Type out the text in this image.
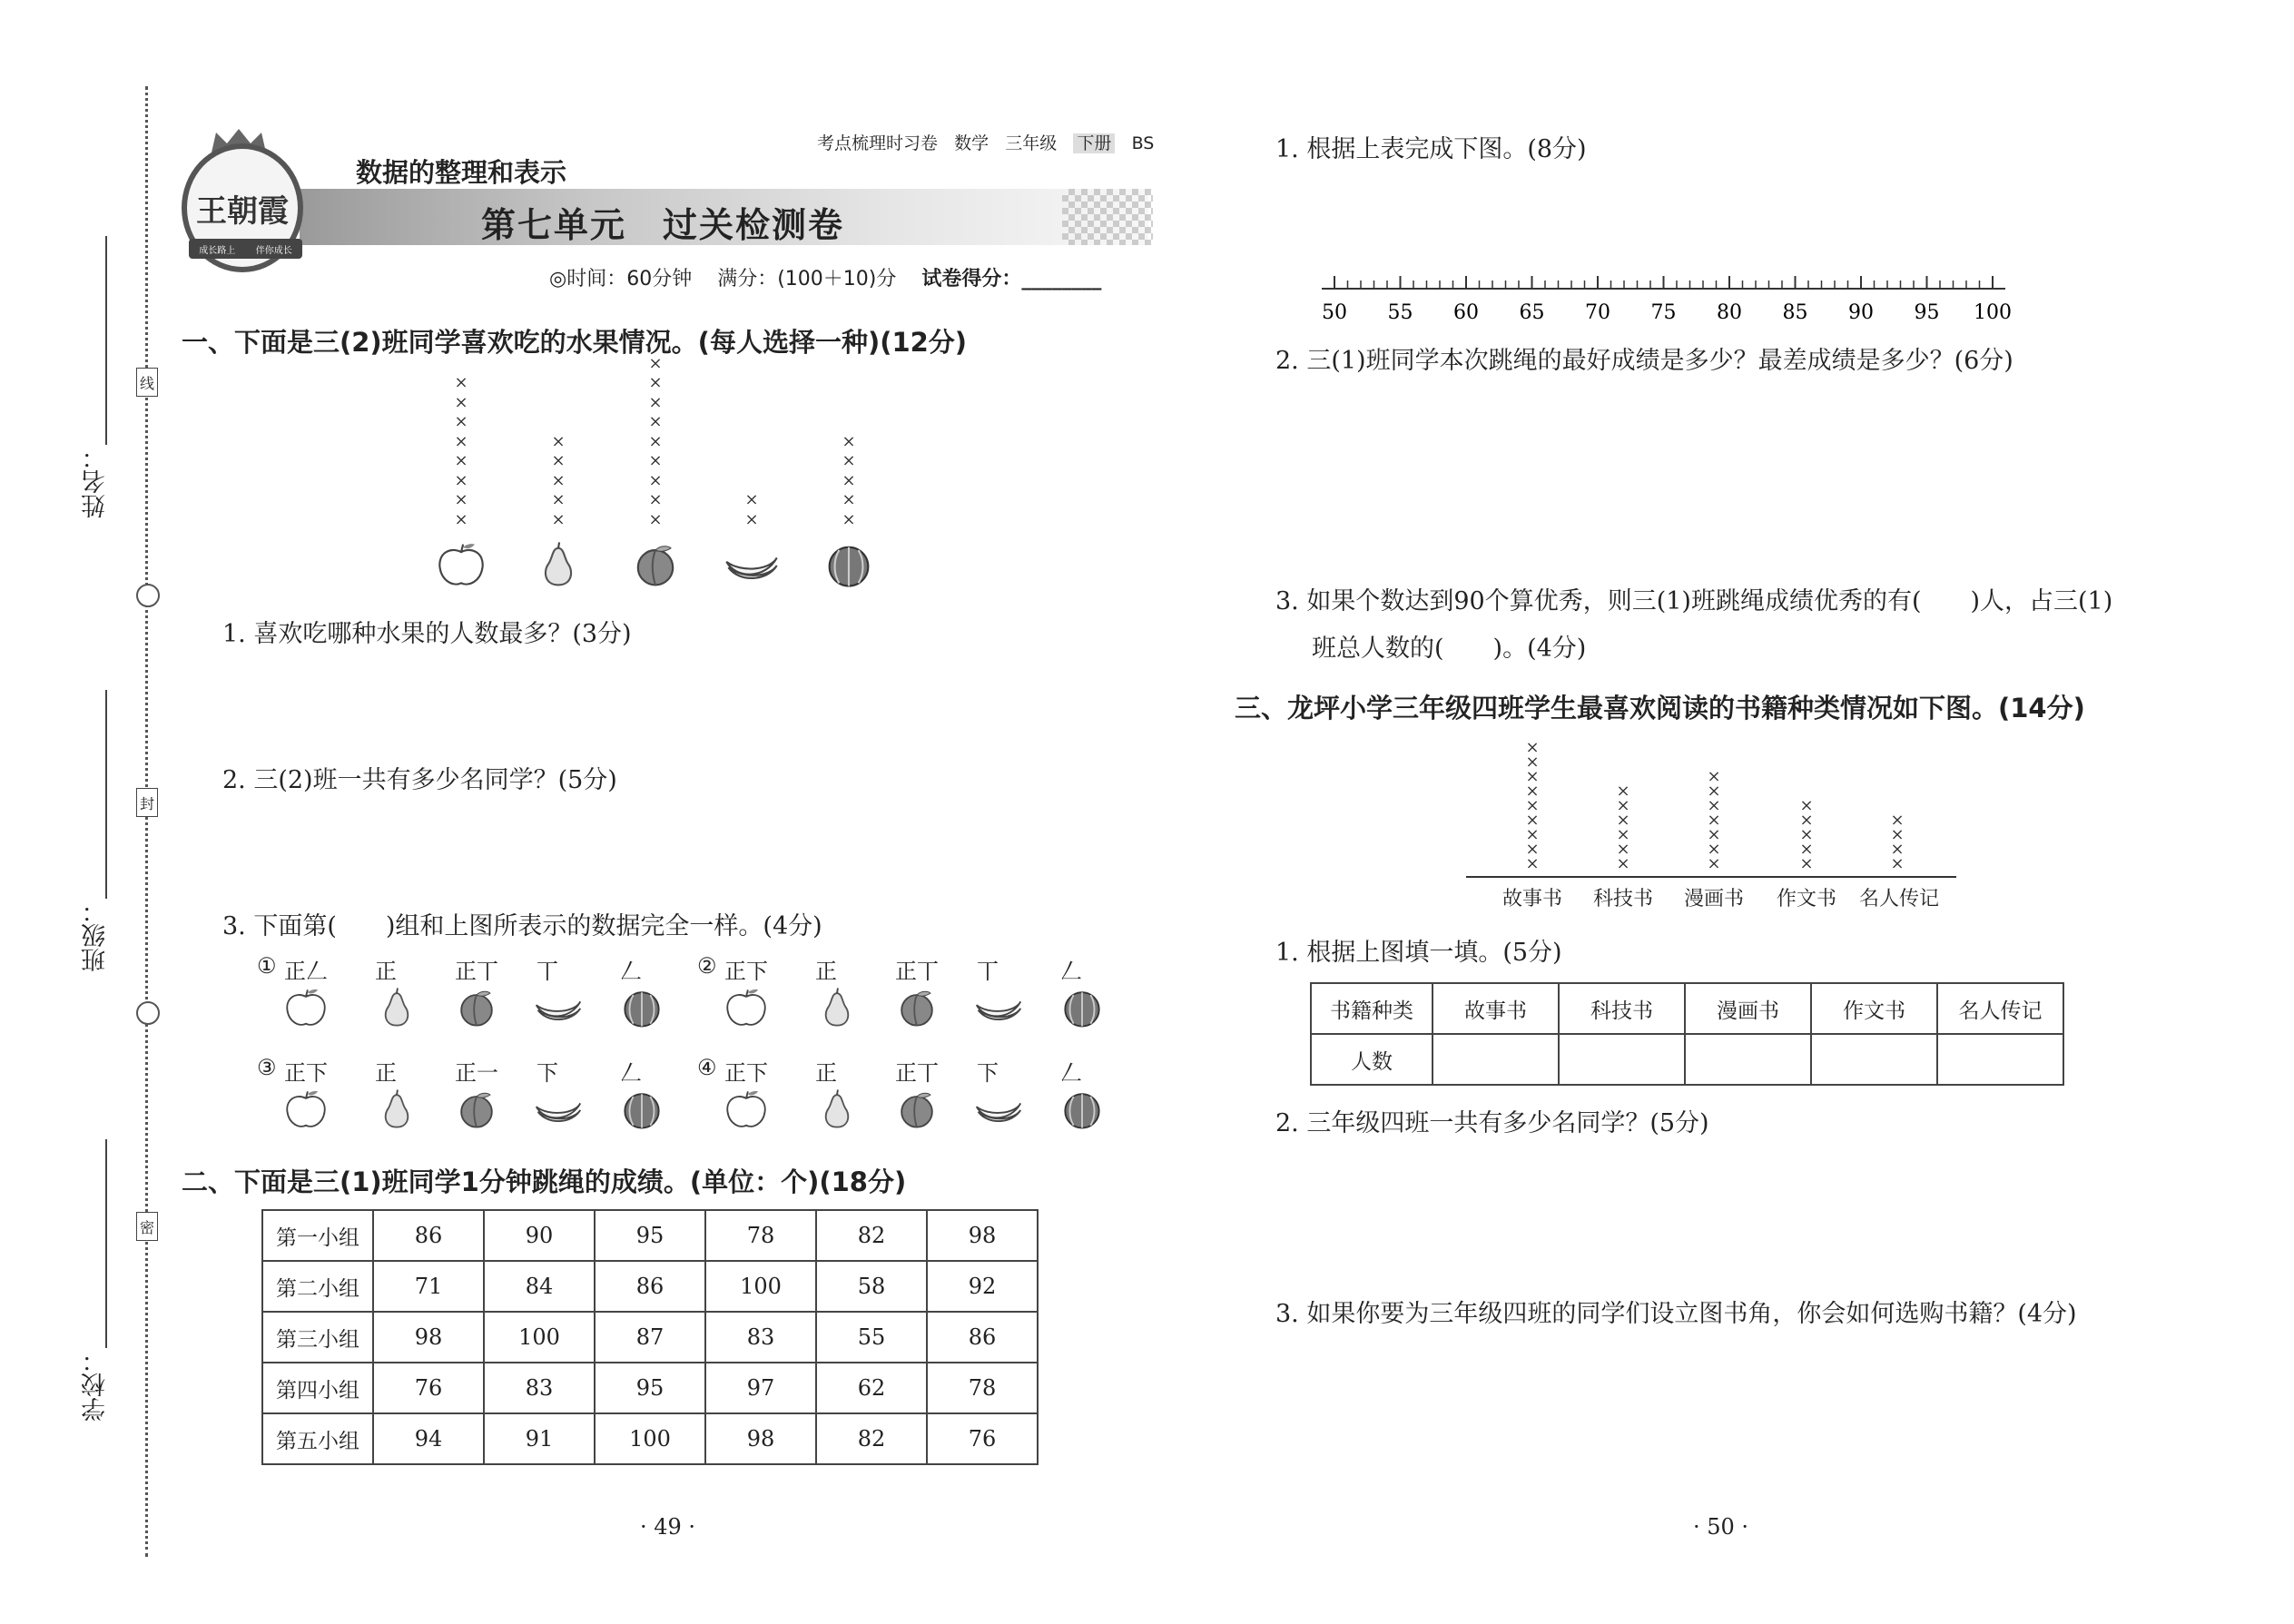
姓名：
班级：
学校：
线
封
密
王朝霞
成长路上 伴你成长
考点梳理时习卷 数学 三年级 下册 BS
数据的整理和表示
第七单元　过关检测卷
◎时间：60分钟 满分：(100＋10)分 试卷得分：________
一、下面是三(2)班同学喜欢吃的水果情况。(每人选择一种)(12分)
×
×
×
×
×
×
×
×
×
×
×
×
×
×
×
×
×
×
×
×
×
×
×
×
×
×
×
×
×
1. 喜欢吃哪种水果的人数最多？(3分)
2. 三(2)班一共有多少名同学？(5分)
3. 下面第(　　)组和上图所表示的数据完全一样。(4分)
① 正𠃋 正	正丅 丅	𠃋	② 正下 正	正丅 丅	𠃋
③ 正下 正	正一 下	𠃋	④ 正下 正	正丅 下	𠃋
二、下面是三(1)班同学1分钟跳绳的成绩。(单位：个)(18分)
第一小组	86	90	95	78	82	98
第二小组	71	84	86	100	58	92
第三小组	98	100	87	83	55	86
第四小组	76	83	95	97	62	78
第五小组	94	91	100	98	82	76
1. 根据上表完成下图。(8分)
50 55 60 65 70 75 80 85 90 95 100
2. 三(1)班同学本次跳绳的最好成绩是多少？最差成绩是多少？(6分)
3. 如果个数达到90个算优秀，则三(1)班跳绳成绩优秀的有(　　)人，占三(1)
班总人数的(　　)。(4分)
三、龙坪小学三年级四班学生最喜欢阅读的书籍种类情况如下图。(14分)
×
×
×
×
×
×
×
×
×
故事书
×
×
×
×
×
×
科技书
×
×
×
×
×
×
×
漫画书
×
×
×
×
×
作文书
×
×
×
×
名人传记
1. 根据上图填一填。(5分)
书籍种类	故事书	科技书	漫画书	作文书	名人传记
人数					
2. 三年级四班一共有多少名同学？(5分)
3. 如果你要为三年级四班的同学们设立图书角，你会如何选购书籍？(4分)
· 49 ·	· 50 ·
